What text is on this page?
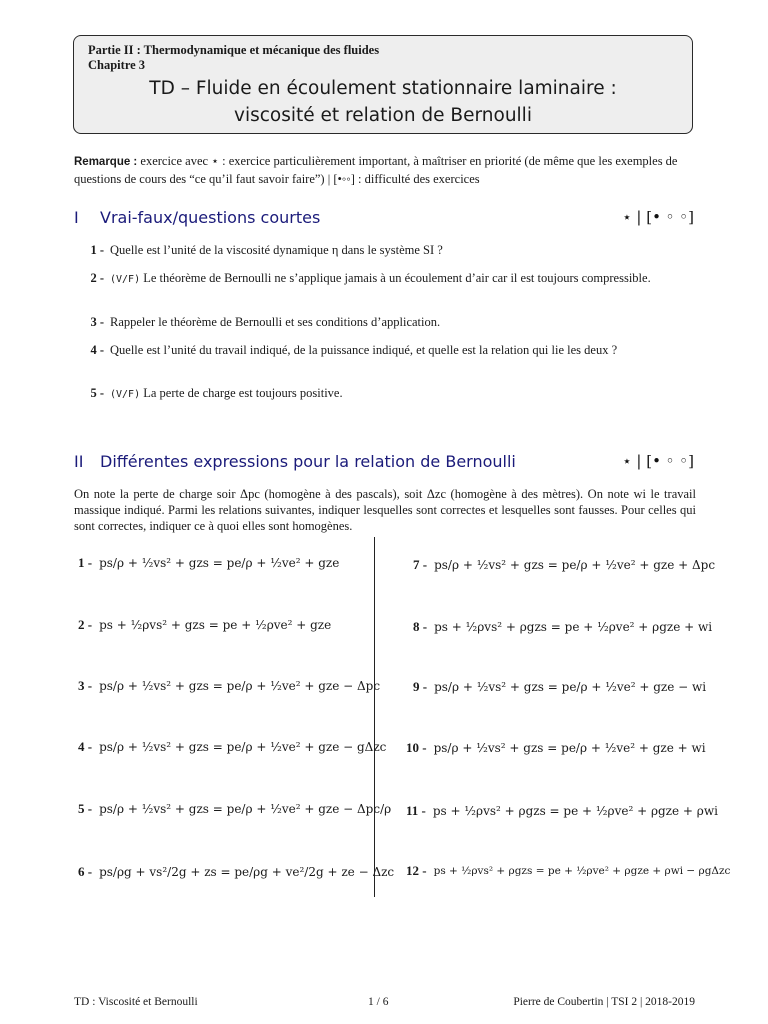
Partie II : Thermodynamique et mécanique des fluides
Chapitre 3
TD – Fluide en écoulement stationnaire laminaire :
viscosité et relation de Bernoulli
Remarque : exercice avec ⋆ : exercice particulièrement important, à maîtriser en priorité (de même que les exemples de questions de cours des “ce qu’il faut savoir faire”) | [•◦◦] : difficulté des exercices
I Vrai-faux/questions courtes	⋆ | [• ◦ ◦]
1 - Quelle est l’unité de la viscosité dynamique η dans le système SI ?
2 - (V/F) Le théorème de Bernoulli ne s’applique jamais à un écoulement d’air car il est toujours compressible.
3 - Rappeler le théorème de Bernoulli et ses conditions d’application.
4 - Quelle est l’unité du travail indiqué, de la puissance indiqué, et quelle est la relation qui lie les deux ?
5 - (V/F) La perte de charge est toujours positive.
II Différentes expressions pour la relation de Bernoulli	⋆ | [• ◦ ◦]
On note la perte de charge soir Δpc (homogène à des pascals), soit Δzc (homogène à des mètres). On note wi le travail massique indiqué. Parmi les relations suivantes, indiquer lesquelles sont correctes et lesquelles sont fausses. Pour celles qui sont correctes, indiquer ce à quoi elles sont homogènes.
1 - ps/ρ + ½vs² + gzs = pe/ρ + ½ve² + gze
2 - ps + ½ρvs² + gzs = pe + ½ρve² + gze
3 - ps/ρ + ½vs² + gzs = pe/ρ + ½ve² + gze − Δpc
4 - ps/ρ + ½vs² + gzs = pe/ρ + ½ve² + gze − gΔzc
5 - ps/ρ + ½vs² + gzs = pe/ρ + ½ve² + gze − Δpc/ρ
6 - ps/ρg + vs²/2g + zs = pe/ρg + ve²/2g + ze − Δzc
7 - ps/ρ + ½vs² + gzs = pe/ρ + ½ve² + gze + Δpc
8 - ps + ½ρvs² + ρgzs = pe + ½ρve² + ρgze + wi
9 - ps/ρ + ½vs² + gzs = pe/ρ + ½ve² + gze − wi
10 - ps/ρ + ½vs² + gzs = pe/ρ + ½ve² + gze + wi
11 - ps + ½ρvs² + ρgzs = pe + ½ρve² + ρgze + ρwi
12 - ps + ½ρvs² + ρgzs = pe + ½ρve² + ρgze + ρwi − ρgΔzc
TD : Viscosité et Bernoulli	1 / 6	Pierre de Coubertin | TSI 2 | 2018-2019
